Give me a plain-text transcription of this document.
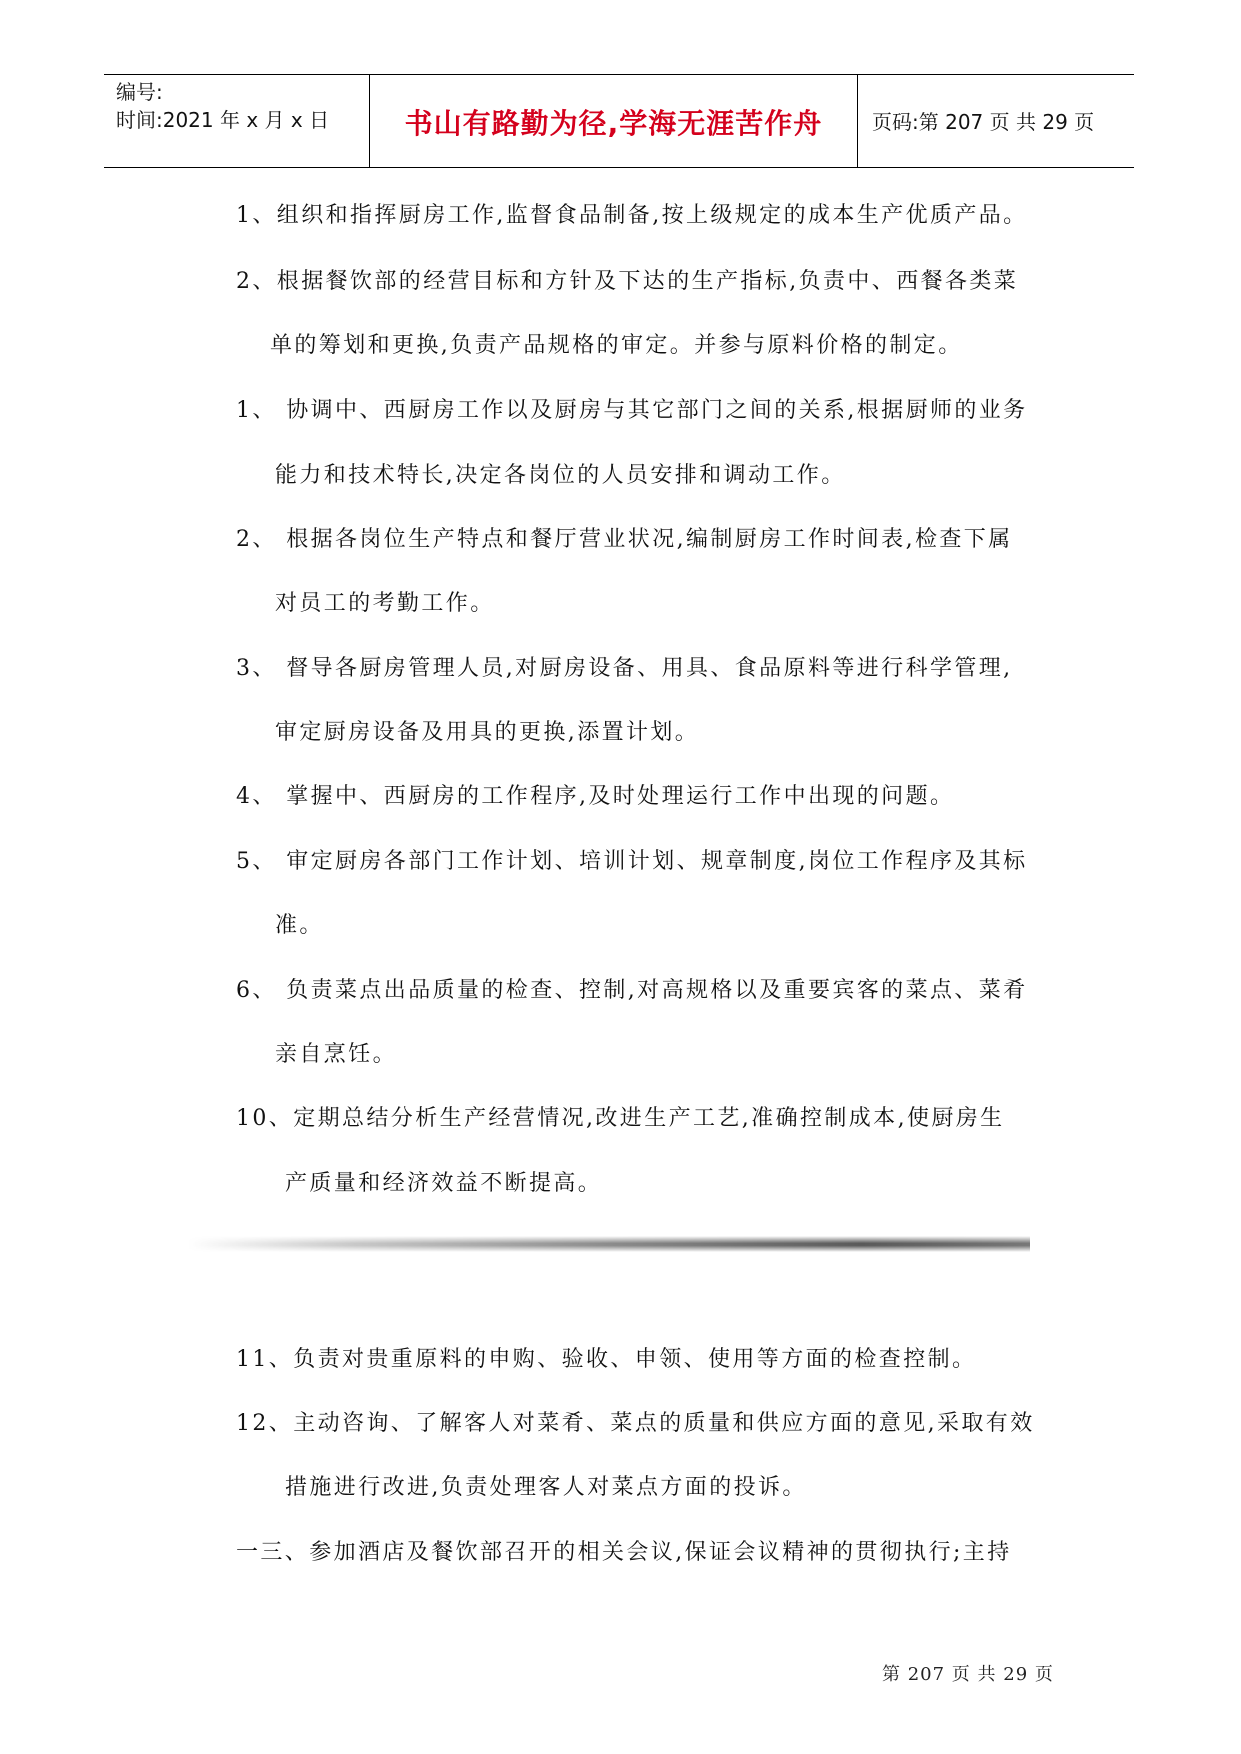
编号:
时间:2021 年 x 月 x 日	书山有路勤为径,学海无涯苦作舟	页码:第 207 页 共 29 页
1、组织和指挥厨房工作,监督食品制备,按上级规定的成本生产优质产品。
2、根据餐饮部的经营目标和方针及下达的生产指标,负责中、西餐各类菜
单的筹划和更换,负责产品规格的审定。并参与原料价格的制定。
1、 协调中、西厨房工作以及厨房与其它部门之间的关系,根据厨师的业务
能力和技术特长,决定各岗位的人员安排和调动工作。
2、 根据各岗位生产特点和餐厅营业状况,编制厨房工作时间表,检查下属
对员工的考勤工作。
3、 督导各厨房管理人员,对厨房设备、用具、食品原料等进行科学管理,
审定厨房设备及用具的更换,添置计划。
4、 掌握中、西厨房的工作程序,及时处理运行工作中出现的问题。
5、 审定厨房各部门工作计划、培训计划、规章制度,岗位工作程序及其标
准。
6、 负责菜点出品质量的检查、控制,对高规格以及重要宾客的菜点、菜肴
亲自烹饪。
10、定期总结分析生产经营情况,改进生产工艺,准确控制成本,使厨房生
产质量和经济效益不断提高。
11、负责对贵重原料的申购、验收、申领、使用等方面的检查控制。
12、主动咨询、了解客人对菜肴、菜点的质量和供应方面的意见,采取有效
措施进行改进,负责处理客人对菜点方面的投诉。
一三、参加酒店及餐饮部召开的相关会议,保证会议精神的贯彻执行;主持
第 207 页 共 29 页
